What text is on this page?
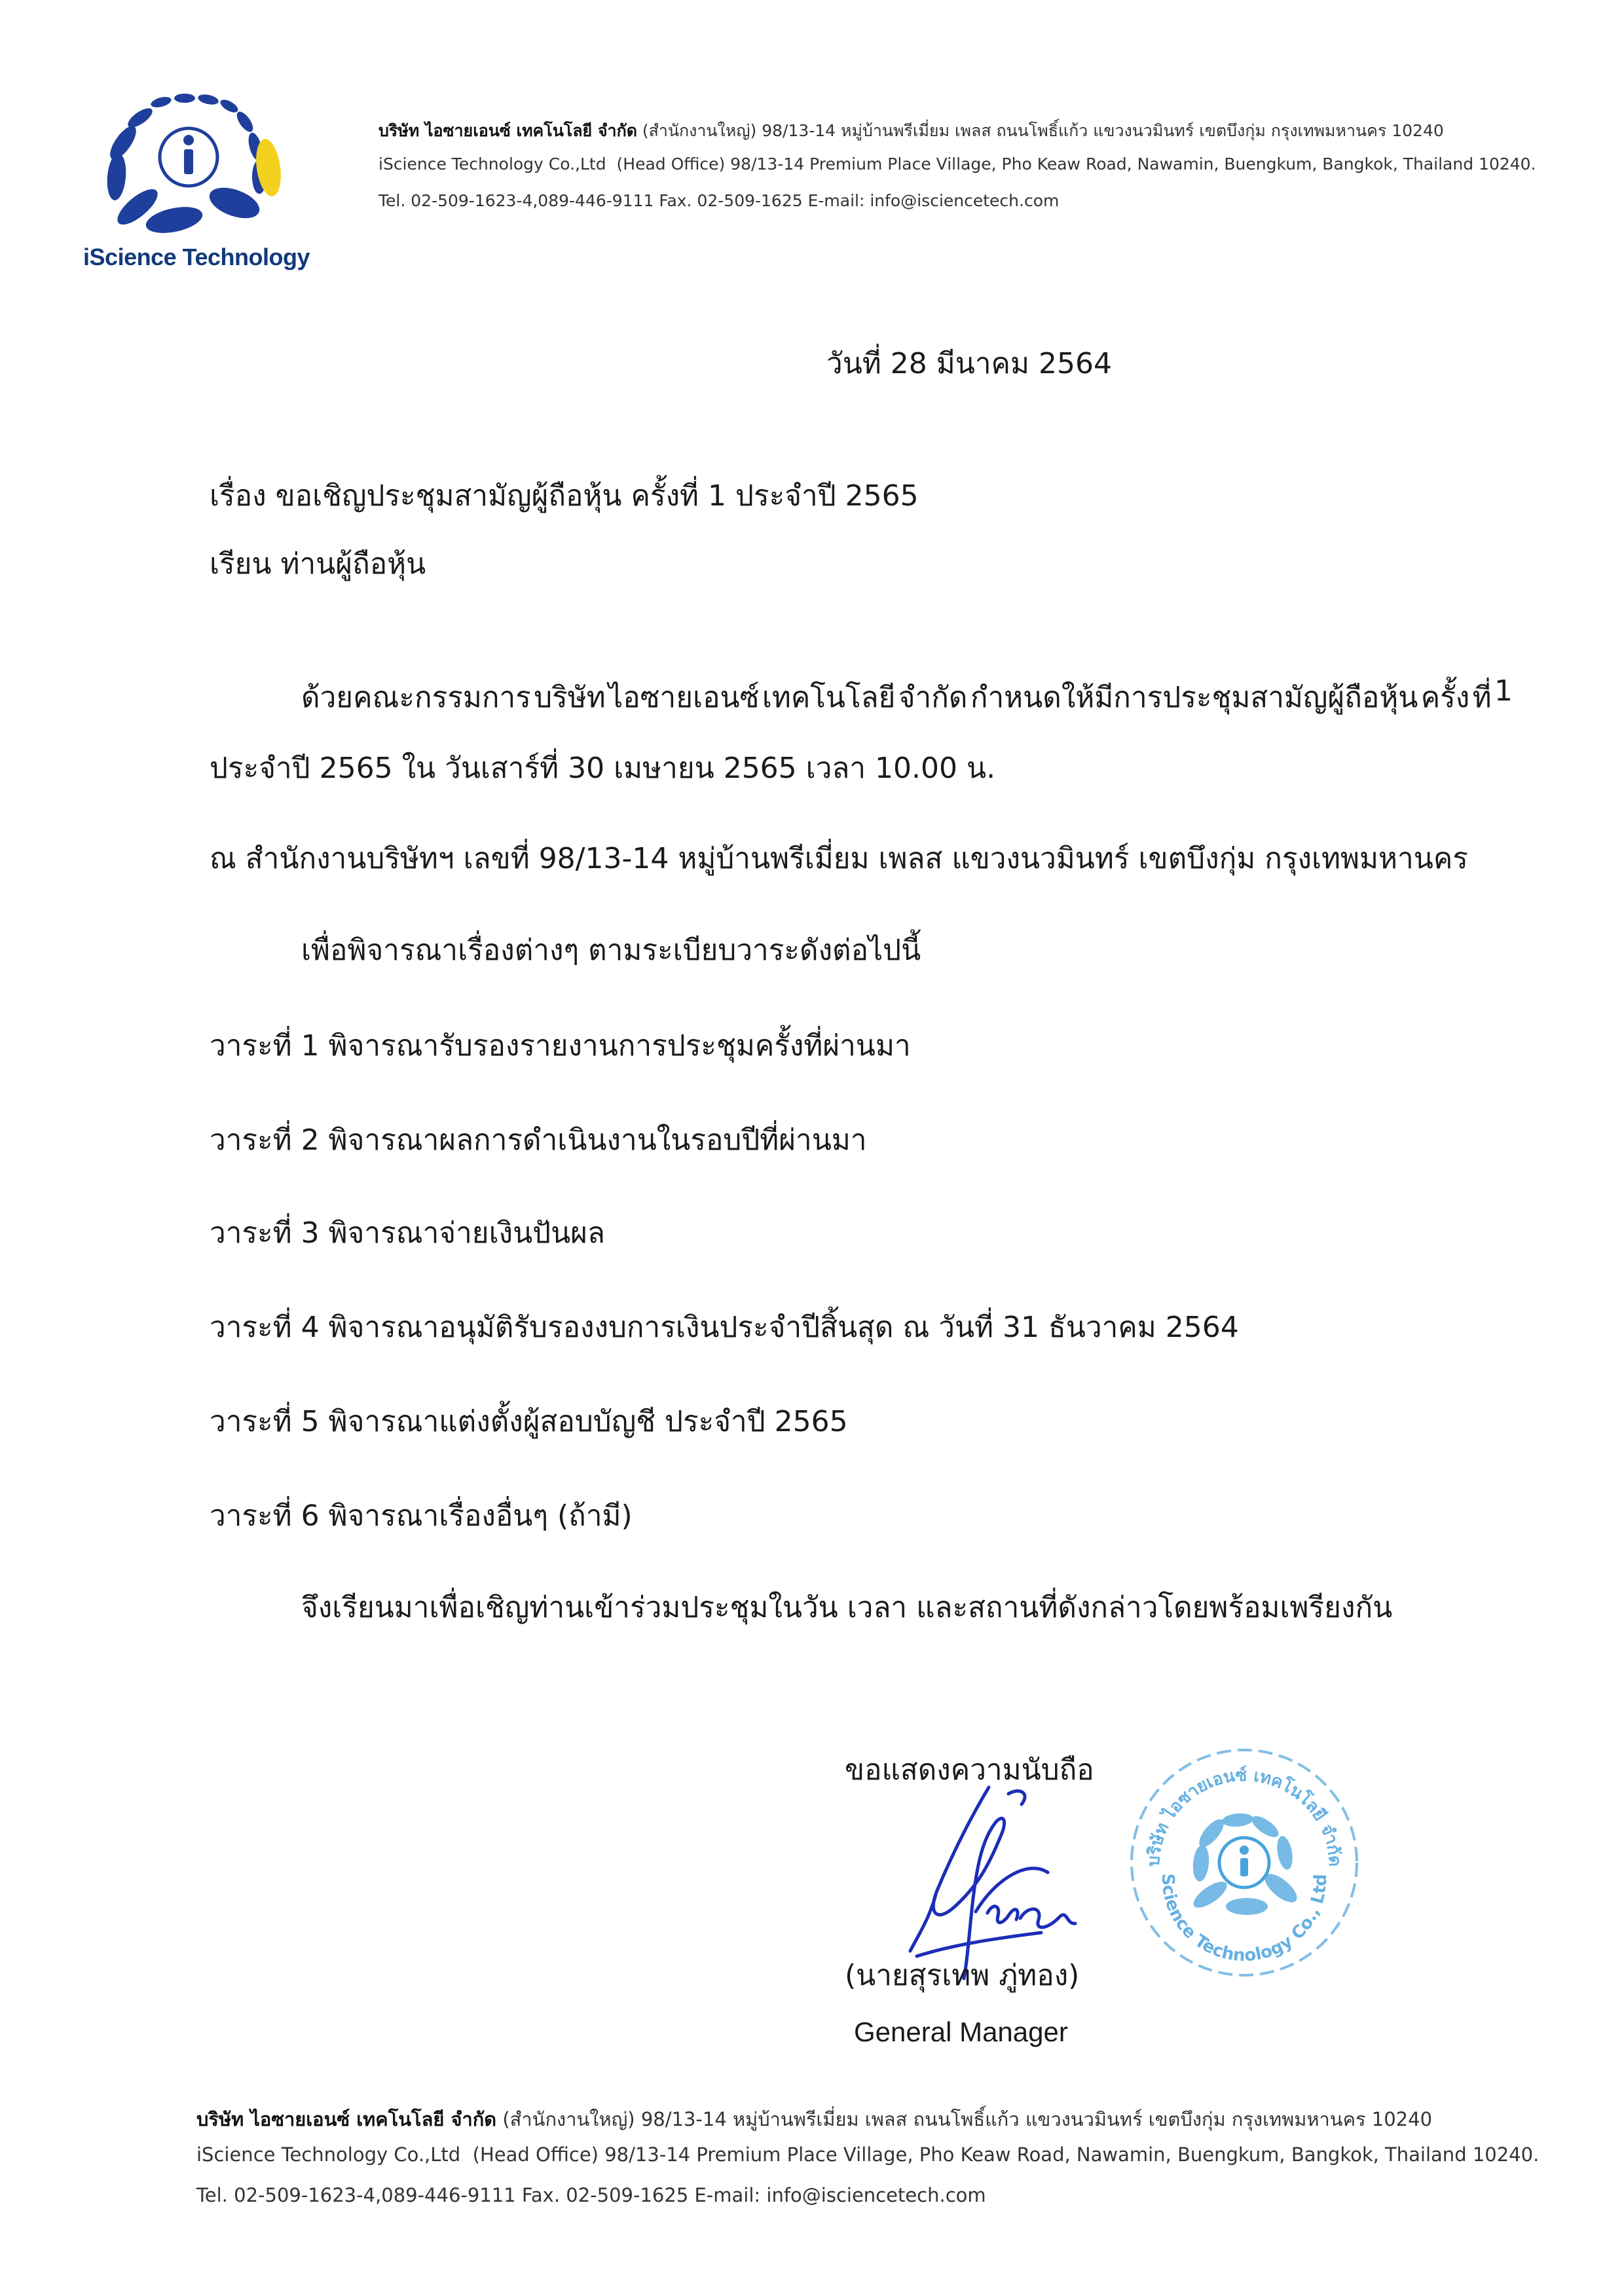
iScience Technology
บริษัท ไอซายเอนซ์ เทคโนโลยี จำกัด (สำนักงานใหญ่) 98/13-14 หมู่บ้านพรีเมี่ยม เพลส ถนนโพธิ์แก้ว แขวงนวมินทร์ เขตบึงกุ่ม กรุงเทพมหานคร 10240
iScience Technology Co.,Ltd (Head Office) 98/13-14 Premium Place Village, Pho Keaw Road, Nawamin, Buengkum, Bangkok, Thailand 10240.
Tel. 02-509-1623-4,089-446-9111 Fax. 02-509-1625 E-mail: info@isciencetech.com
วันที่ 28 มีนาคม 2564
เรื่อง ขอเชิญประชุมสามัญผู้ถือหุ้น ครั้งที่ 1 ประจำปี 2565
เรียน ท่านผู้ถือหุ้น
ด้วยคณะกรรมการ บริษัท ไอซายเอนซ์ เทคโนโลยี จำกัด กำหนดให้มีการประชุมสามัญผู้ถือหุ้น ครั้ง ที่ 1
ประจำปี 2565 ใน วันเสาร์ที่ 30 เมษายน 2565 เวลา 10.00 น.
ณ สำนักงานบริษัทฯ เลขที่ 98/13-14 หมู่บ้านพรีเมี่ยม เพลส แขวงนวมินทร์ เขตบึงกุ่ม กรุงเทพมหานคร
เพื่อพิจารณาเรื่องต่างๆ ตามระเบียบวาระดังต่อไปนี้
วาระที่ 1 พิจารณารับรองรายงานการประชุมครั้งที่ผ่านมา
วาระที่ 2 พิจารณาผลการดำเนินงานในรอบปีที่ผ่านมา
วาระที่ 3 พิจารณาจ่ายเงินปันผล
วาระที่ 4 พิจารณาอนุมัติรับรองงบการเงินประจำปีสิ้นสุด ณ วันที่ 31 ธันวาคม 2564
วาระที่ 5 พิจารณาแต่งตั้งผู้สอบบัญชี ประจำปี 2565
วาระที่ 6 พิจารณาเรื่องอื่นๆ (ถ้ามี)
จึงเรียนมาเพื่อเชิญท่านเข้าร่วมประชุมในวัน เวลา และสถานที่ดังกล่าวโดยพร้อมเพรียงกัน
ขอแสดงความนับถือ
บริษัท ไอซายเอนซ์ เทคโนโลยี จำกัด
Science Technology Co., Ltd
(นายสุรเทพ ภู่ทอง)
General Manager
บริษัท ไอซายเอนซ์ เทคโนโลยี จำกัด (สำนักงานใหญ่) 98/13-14 หมู่บ้านพรีเมี่ยม เพลส ถนนโพธิ์แก้ว แขวงนวมินทร์ เขตบึงกุ่ม กรุงเทพมหานคร 10240
iScience Technology Co.,Ltd (Head Office) 98/13-14 Premium Place Village, Pho Keaw Road, Nawamin, Buengkum, Bangkok, Thailand 10240.
Tel. 02-509-1623-4,089-446-9111 Fax. 02-509-1625 E-mail: info@isciencetech.com
